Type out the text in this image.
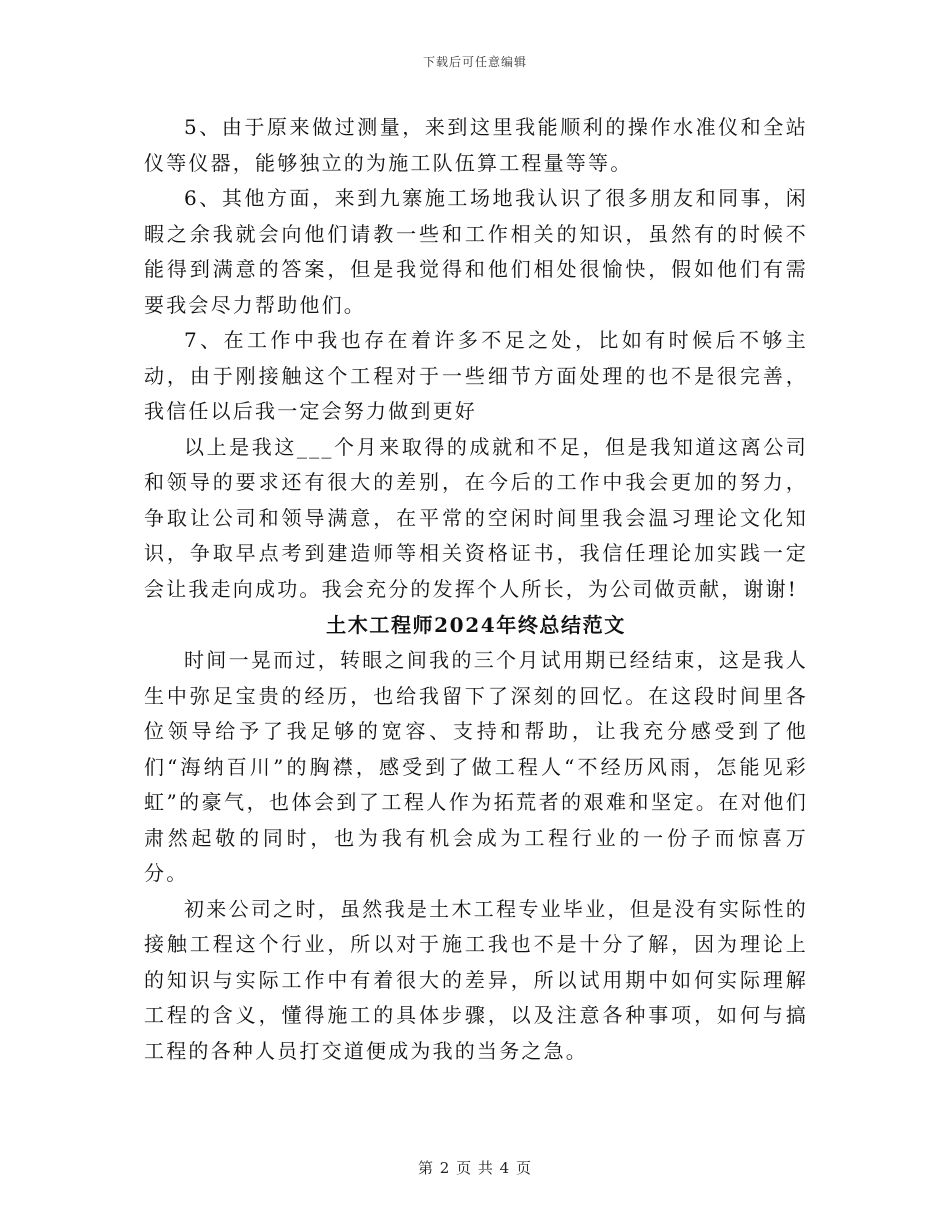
下载后可任意编辑

5、由于原来做过测量，来到这里我能顺利的操作水准仪和全站仪等仪器，能够独立的为施工队伍算工程量等等。

6、其他方面，来到九寨施工场地我认识了很多朋友和同事，闲暇之余我就会向他们请教一些和工作相关的知识，虽然有的时候不能得到满意的答案，但是我觉得和他们相处很愉快，假如他们有需要我会尽力帮助他们。

7、在工作中我也存在着许多不足之处，比如有时候后不够主动，由于刚接触这个工程对于一些细节方面处理的也不是很完善，我信任以后我一定会努力做到更好

以上是我这___个月来取得的成就和不足，但是我知道这离公司和领导的要求还有很大的差别，在今后的工作中我会更加的努力，争取让公司和领导满意，在平常的空闲时间里我会温习理论文化知识，争取早点考到建造师等相关资格证书，我信任理论加实践一定会让我走向成功。我会充分的发挥个人所长，为公司做贡献，谢谢!

土木工程师2024年终总结范文

时间一晃而过，转眼之间我的三个月试用期已经结束，这是我人生中弥足宝贵的经历，也给我留下了深刻的回忆。在这段时间里各位领导给予了我足够的宽容、支持和帮助，让我充分感受到了他们“海纳百川”的胸襟，感受到了做工程人“不经历风雨，怎能见彩虹”的豪气，也体会到了工程人作为拓荒者的艰难和坚定。在对他们肃然起敬的同时，也为我有机会成为工程行业的一份子而惊喜万分。

初来公司之时，虽然我是土木工程专业毕业，但是没有实际性的接触工程这个行业，所以对于施工我也不是十分了解，因为理论上的知识与实际工作中有着很大的差异，所以试用期中如何实际理解工程的含义，懂得施工的具体步骤，以及注意各种事项，如何与搞工程的各种人员打交道便成为我的当务之急。

第 2 页 共 4 页
